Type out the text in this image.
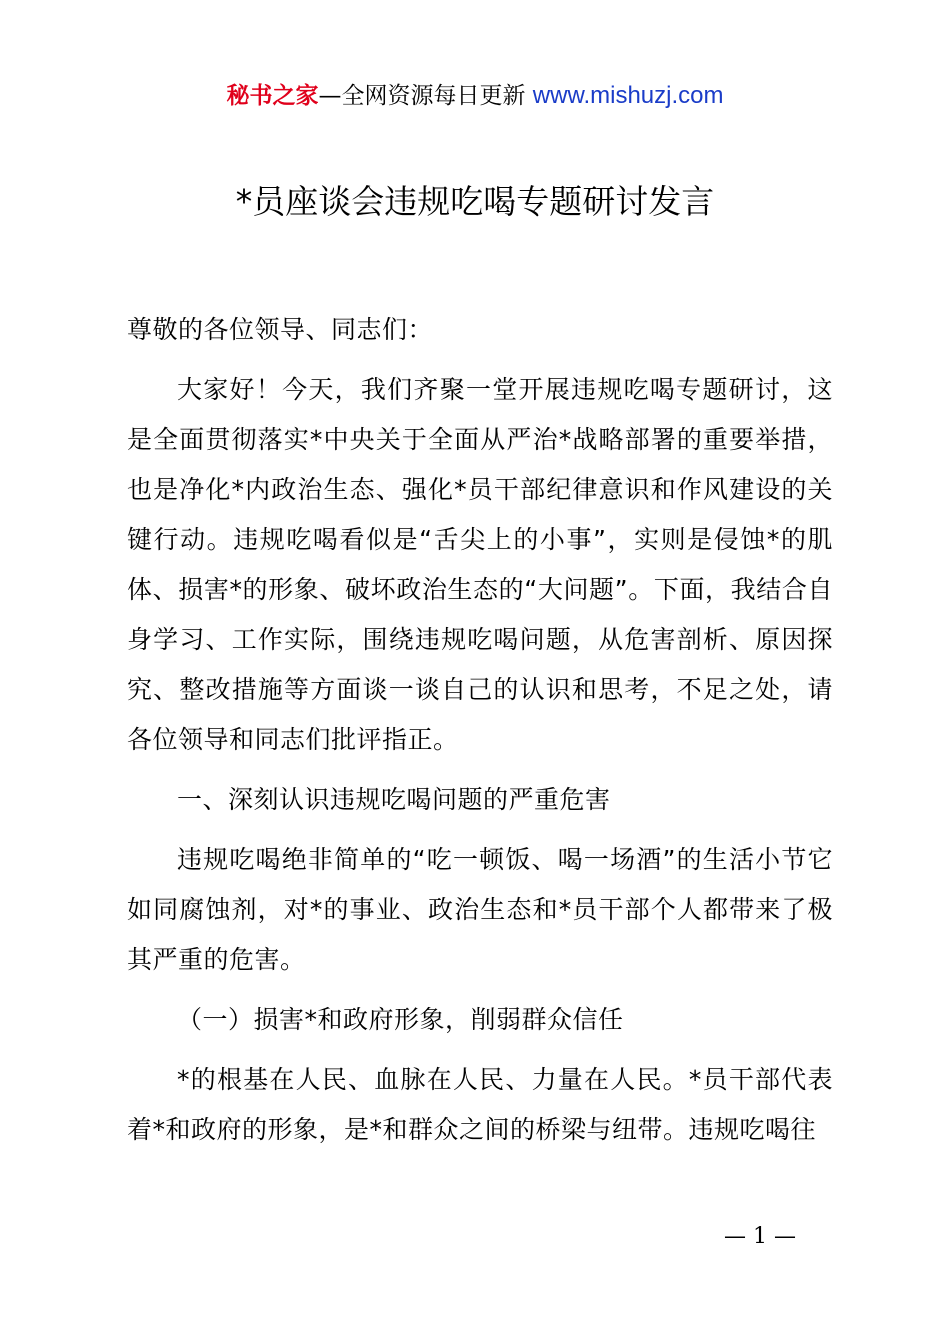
秘书之家—全网资源每日更新 www.mishuzj.com
*员座谈会违规吃喝专题研讨发言

尊敬的各位领导、同志们：

大家好！今天，我们齐聚一堂开展违规吃喝专题研讨，这是全面贯彻落实*中央关于全面从严治*战略部署的重要举措，也是净化*内政治生态、强化*员干部纪律意识和作风建设的关键行动。违规吃喝看似是“舌尖上的小事”，实则是侵蚀*的肌体、损害*的形象、破坏政治生态的“大问题”。下面，我结合自身学习、工作实际，围绕违规吃喝问题，从危害剖析、原因探究、整改措施等方面谈一谈自己的认识和思考，不足之处，请各位领导和同志们批评指正。

一、深刻认识违规吃喝问题的严重危害

违规吃喝绝非简单的“吃一顿饭、喝一场酒”的生活小节它如同腐蚀剂，对*的事业、政治生态和*员干部个人都带来了极其严重的危害。

（一）损害*和政府形象，削弱群众信任

*的根基在人民、血脉在人民、力量在人民。*员干部代表着*和政府的形象，是*和群众之间的桥梁与纽带。违规吃喝往

— 1 —
